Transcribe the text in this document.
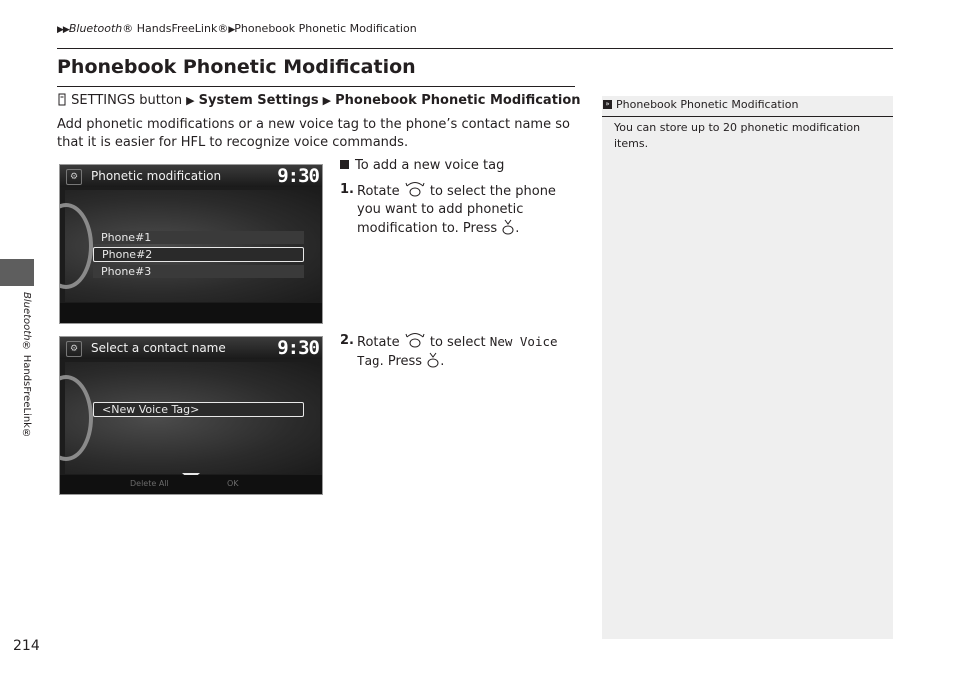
▶▶Bluetooth® HandsFreeLink®▶Phonebook Phonetic Modification
Phonebook Phonetic Modification
SETTINGS button ▶ System Settings ▶ Phonebook Phonetic Modification
Add phonetic modifications or a new voice tag to the phone’s contact name so that it is easier for HFL to recognize voice commands.
⚙	Phonetic modification	9:30
Phone#1
Phone#2
Phone#3
⚙	Select a contact name	9:30
<New Voice Tag>
Delete All	OK
To add a new voice tag
1. Rotate to select the phone you want to add phonetic modification to. Press .
2. Rotate to select New Voice Tag. Press .
» Phonebook Phonetic Modification
You can store up to 20 phonetic modification items.
Bluetooth® HandsFreeLink®
214
